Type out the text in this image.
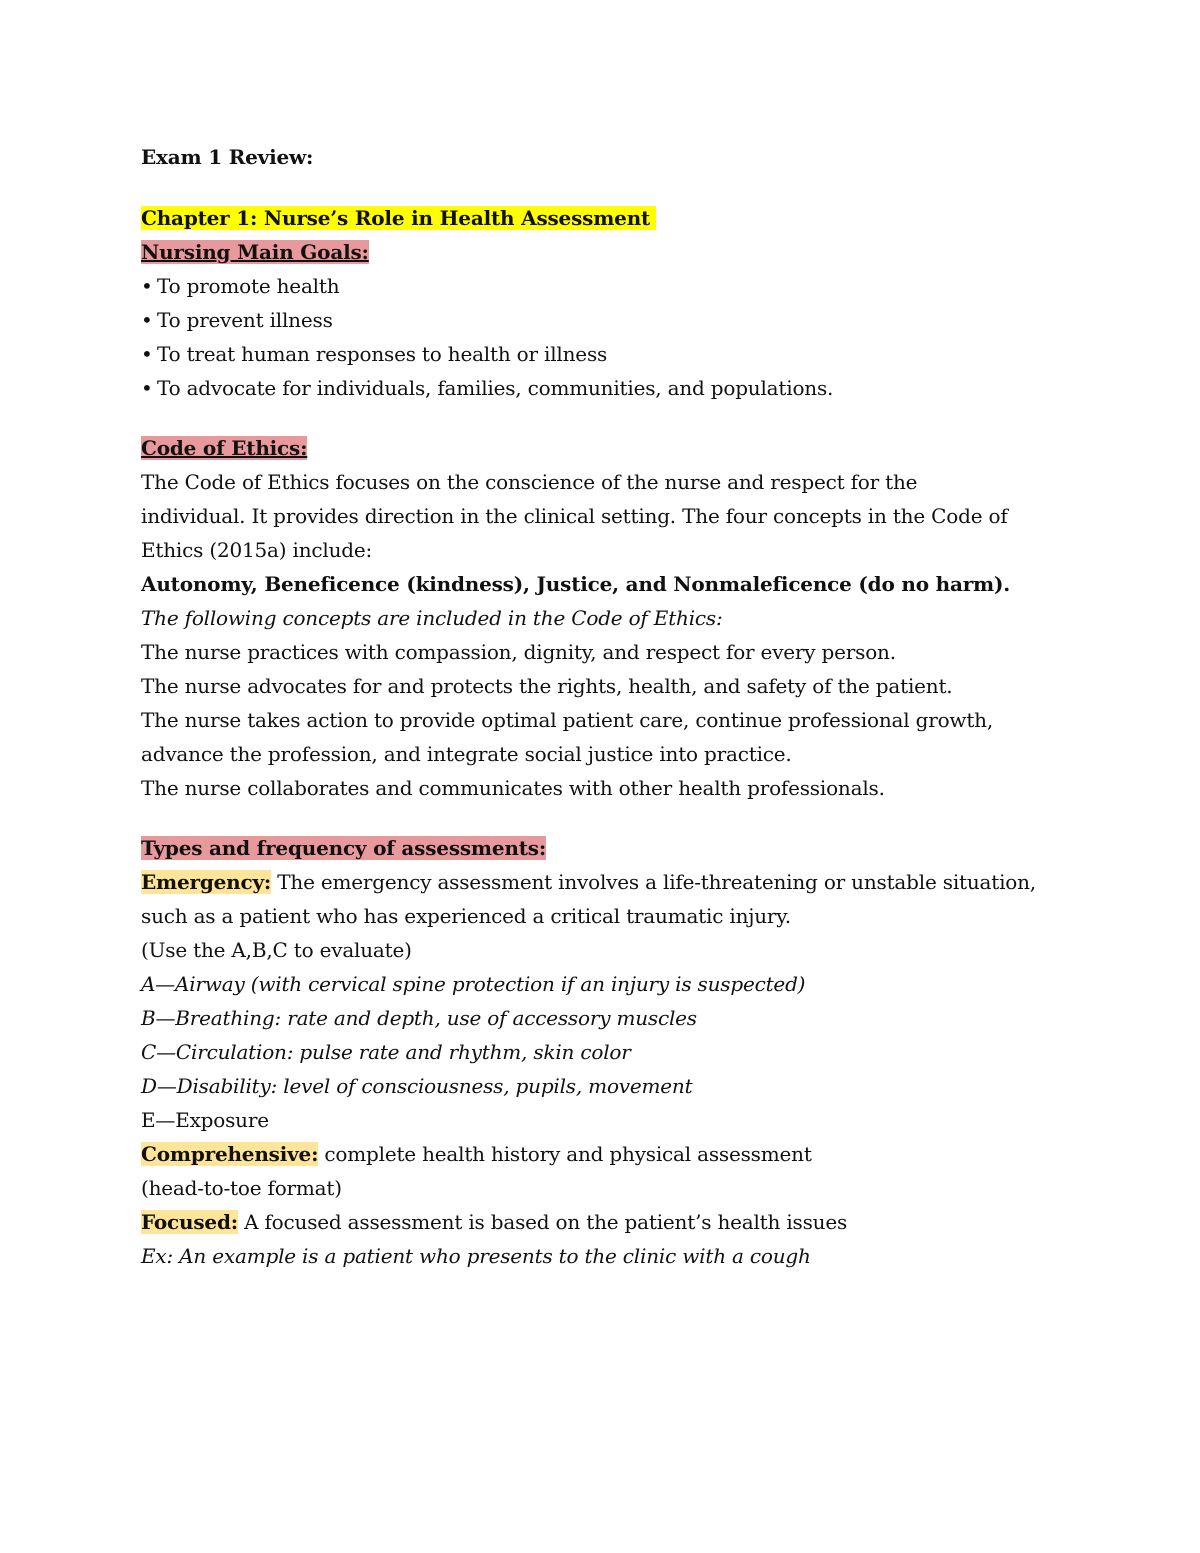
Exam 1 Review:
Chapter 1: Nurse’s Role in Health Assessment
Nursing Main Goals:
• To promote health
• To prevent illness
• To treat human responses to health or illness
• To advocate for individuals, families, communities, and populations.
Code of Ethics:
The Code of Ethics focuses on the conscience of the nurse and respect for the individual. It provides direction in the clinical setting. The four concepts in the Code of Ethics (2015a) include:
Autonomy, Beneficence (kindness), Justice, and Nonmaleficence (do no harm).
The following concepts are included in the Code of Ethics:
The nurse practices with compassion, dignity, and respect for every person.
The nurse advocates for and protects the rights, health, and safety of the patient.
The nurse takes action to provide optimal patient care, continue professional growth, advance the profession, and integrate social justice into practice.
The nurse collaborates and communicates with other health professionals.
Types and frequency of assessments:
Emergency: The emergency assessment involves a life-threatening or unstable situation, such as a patient who has experienced a critical traumatic injury.
(Use the A,B,C to evaluate)
A—Airway (with cervical spine protection if an injury is suspected)
B—Breathing: rate and depth, use of accessory muscles
C—Circulation: pulse rate and rhythm, skin color
D—Disability: level of consciousness, pupils, movement
E—Exposure
Comprehensive: complete health history and physical assessment
(head-to-toe format)
Focused: A focused assessment is based on the patient’s health issues
Ex: An example is a patient who presents to the clinic with a cough
